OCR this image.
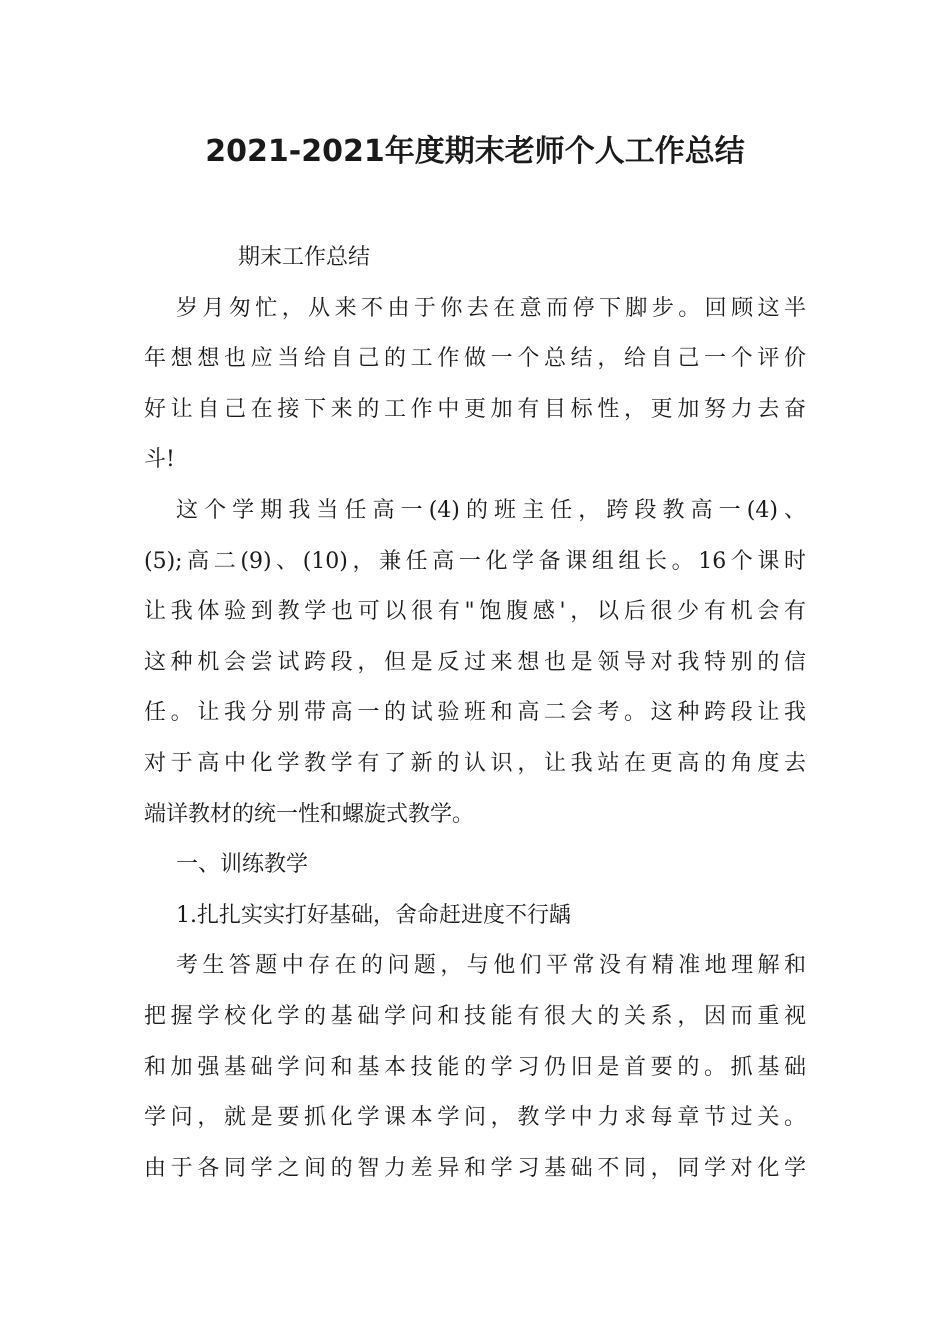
2021-2021年度期末老师个人工作总结
期末工作总结
岁月匆忙，从来不由于你去在意而停下脚步。回顾这半
年想想也应当给自己的工作做一个总结，给自己一个评价
好让自己在接下来的工作中更加有目标性，更加努力去奋
斗!
这个学期我当任高一(4)的班主任，跨段教高一(4)、
(5);高二(9)、(10)，兼任高一化学备课组组长。16个课时
让我体验到教学也可以很有"饱腹感'，以后很少有机会有
这种机会尝试跨段，但是反过来想也是领导对我特别的信
任。让我分别带高一的试验班和高二会考。这种跨段让我
对于高中化学教学有了新的认识，让我站在更高的角度去
端详教材的统一性和螺旋式教学。
一、训练教学
1.扎扎实实打好基础，舍命赶进度不行龋
考生答题中存在的问题，与他们平常没有精准地理解和
把握学校化学的基础学问和技能有很大的关系，因而重视
和加强基础学问和基本技能的学习仍旧是首要的。抓基础
学问，就是要抓化学课本学问，教学中力求每章节过关。
由于各同学之间的智力差异和学习基础不同，同学对化学
